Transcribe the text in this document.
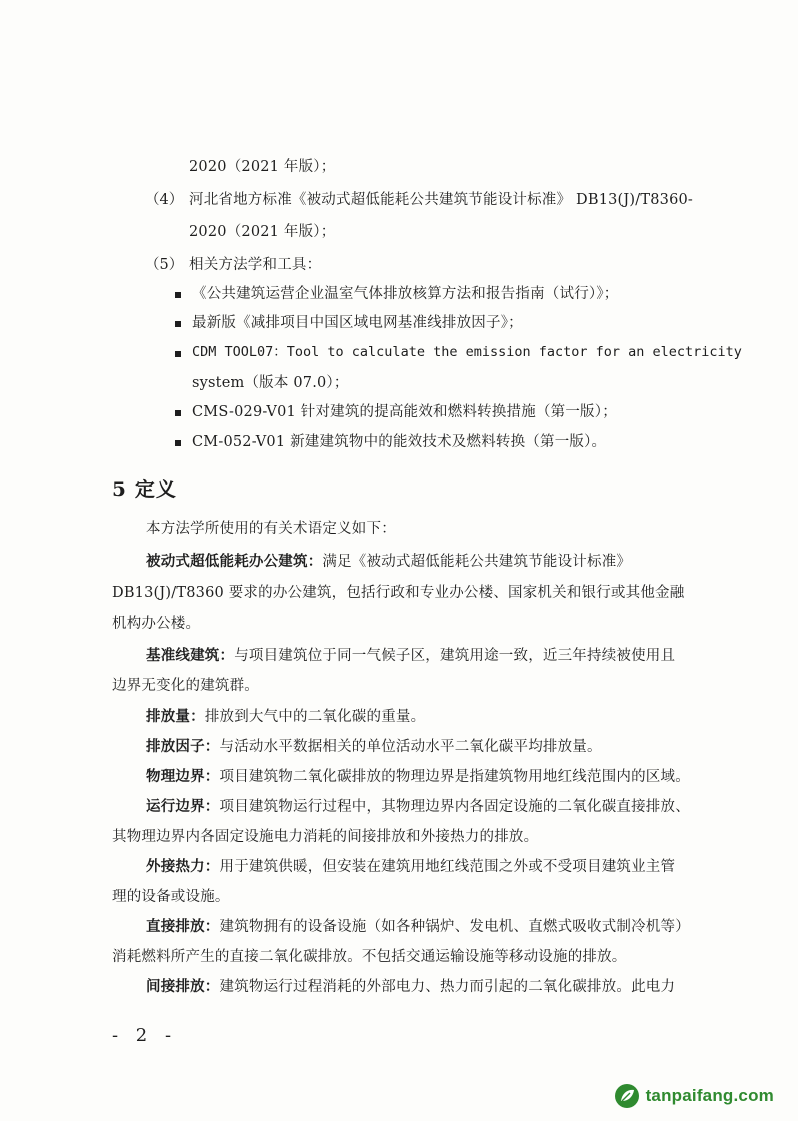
2020（2021 年版）；
（4） 河北省地方标准《被动式超低能耗公共建筑节能设计标准》 DB13(J)/T8360-
2020（2021 年版）；
（5） 相关方法学和工具：
《公共建筑运营企业温室气体排放核算方法和报告指南（试行）》；
最新版《减排项目中国区域电网基准线排放因子》；
CDM TOOL07：Tool to calculate the emission factor for an electricity
system（版本 07.0）；
CMS-029-V01 针对建筑的提高能效和燃料转换措施（第一版）；
CM-052-V01 新建建筑物中的能效技术及燃料转换（第一版）。
5 定义
本方法学所使用的有关术语定义如下：
被动式超低能耗办公建筑：满足《被动式超低能耗公共建筑节能设计标准》
DB13(J)/T8360 要求的办公建筑，包括行政和专业办公楼、国家机关和银行或其他金融
机构办公楼。
基准线建筑：与项目建筑位于同一气候子区，建筑用途一致，近三年持续被使用且
边界无变化的建筑群。
排放量：排放到大气中的二氧化碳的重量。
排放因子：与活动水平数据相关的单位活动水平二氧化碳平均排放量。
物理边界：项目建筑物二氧化碳排放的物理边界是指建筑物用地红线范围内的区域。
运行边界：项目建筑物运行过程中，其物理边界内各固定设施的二氧化碳直接排放、
其物理边界内各固定设施电力消耗的间接排放和外接热力的排放。
外接热力：用于建筑供暖，但安装在建筑用地红线范围之外或不受项目建筑业主管
理的设备或设施。
直接排放：建筑物拥有的设备设施（如各种锅炉、发电机、直燃式吸收式制冷机等）
消耗燃料所产生的直接二氧化碳排放。不包括交通运输设施等移动设施的排放。
间接排放：建筑物运行过程消耗的外部电力、热力而引起的二氧化碳排放。此电力
- 2 -
tanpaifang.com
